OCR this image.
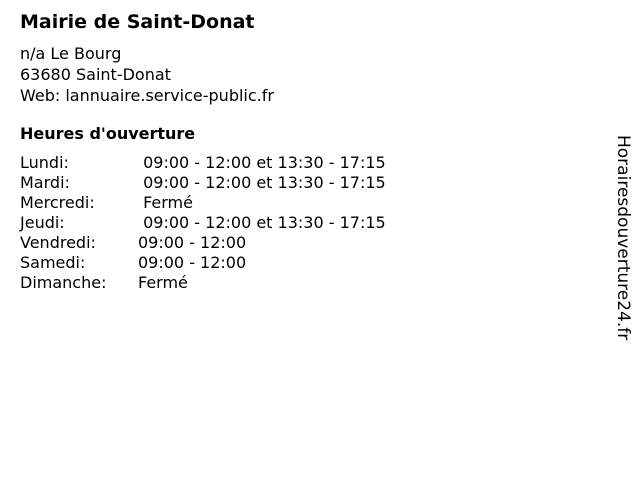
Mairie de Saint-Donat
n/a Le Bourg
63680 Saint-Donat
Web: lannuaire.service-public.fr
Heures d'ouverture
Lundi:	09:00 - 12:00 et 13:30 - 17:15
Mardi:	09:00 - 12:00 et 13:30 - 17:15
Mercredi:	Fermé
Jeudi:	09:00 - 12:00 et 13:30 - 17:15
Vendredi:	09:00 - 12:00
Samedi:	09:00 - 12:00
Dimanche:	Fermé	Horairesdouverture24.fr
